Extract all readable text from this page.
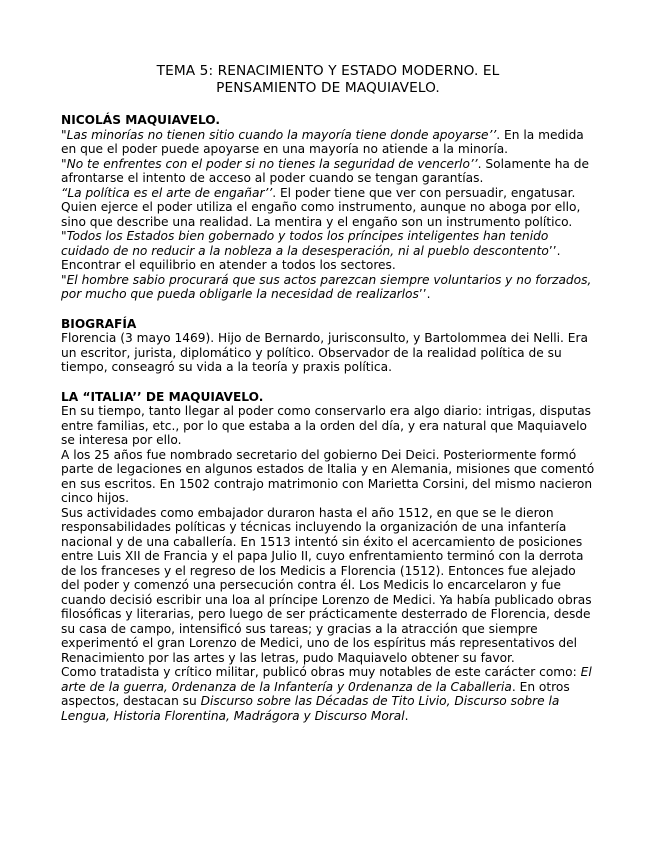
TEMA 5: RENACIMIENTO Y ESTADO MODERNO. EL
PENSAMIENTO DE MAQUIAVELO.
NICOLÁS MAQUIAVELO.
"Las minorías no tienen sitio cuando la mayoría tiene donde apoyarse’’. En la medida en que el poder puede apoyarse en una mayoría no atiende a la minoría.
"No te enfrentes con el poder si no tienes la seguridad de vencerlo’’. Solamente ha de afrontarse el intento de acceso al poder cuando se tengan garantías.
“La política es el arte de engañar’’. El poder tiene que ver con persuadir, engatusar. Quien ejerce el poder utiliza el engaño como instrumento, aunque no aboga por ello, sino que describe una realidad. La mentira y el engaño son un instrumento político.
"Todos los Estados bien gobernado y todos los príncipes inteligentes han tenido cuidado de no reducir a la nobleza a la desesperación, ni al pueblo descontento’’. Encontrar el equilibrio en atender a todos los sectores.
"El hombre sabio procurará que sus actos parezcan siempre voluntarios y no forzados, por mucho que pueda obligarle la necesidad de realizarlos’’.
BIOGRAFÍA
Florencia (3 mayo 1469). Hijo de Bernardo, jurisconsulto, y Bartolommea dei Nelli. Era un escritor, jurista, diplomático y político. Observador de la realidad política de su tiempo, conseagró su vida a la teoría y praxis política.
LA “ITALIA’’ DE MAQUIAVELO.
En su tiempo, tanto llegar al poder como conservarlo era algo diario: intrigas, disputas entre familias, etc., por lo que estaba a la orden del día, y era natural que Maquiavelo se interesa por ello.
A los 25 años fue nombrado secretario del gobierno Dei Deici. Posteriormente formó parte de legaciones en algunos estados de Italia y en Alemania, misiones que comentó en sus escritos. En 1502 contrajo matrimonio con Marietta Corsini, del mismo nacieron cinco hijos.
Sus actividades como embajador duraron hasta el año 1512, en que se le dieron responsabilidades políticas y técnicas incluyendo la organización de una infantería nacional y de una caballería. En 1513 intentó sin éxito el acercamiento de posiciones entre Luis XII de Francia y el papa Julio II, cuyo enfrentamiento terminó con la derrota de los franceses y el regreso de los Medicis a Florencia (1512). Entonces fue alejado del poder y comenzó una persecución contra él. Los Medicis lo encarcelaron y fue cuando decisió escribir una loa al príncipe Lorenzo de Medici. Ya había publicado obras filosóficas y literarias, pero luego de ser prácticamente desterrado de Florencia, desde su casa de campo, intensificó sus tareas; y gracias a la atracción que siempre experimentó el gran Lorenzo de Medici, uno de los espíritus más representativos del Renacimiento por las artes y las letras, pudo Maquiavelo obtener su favor.
Como tratadista y crítico militar, publicó obras muy notables de este carácter como: El arte de la guerra, 0rdenanza de la Infantería y 0rdenanza de la Caballeria. En otros aspectos, destacan su Discurso sobre las Décadas de Tito Livio, Discurso sobre la Lengua, Historia Florentina, Madrágora y Discurso Moral.
